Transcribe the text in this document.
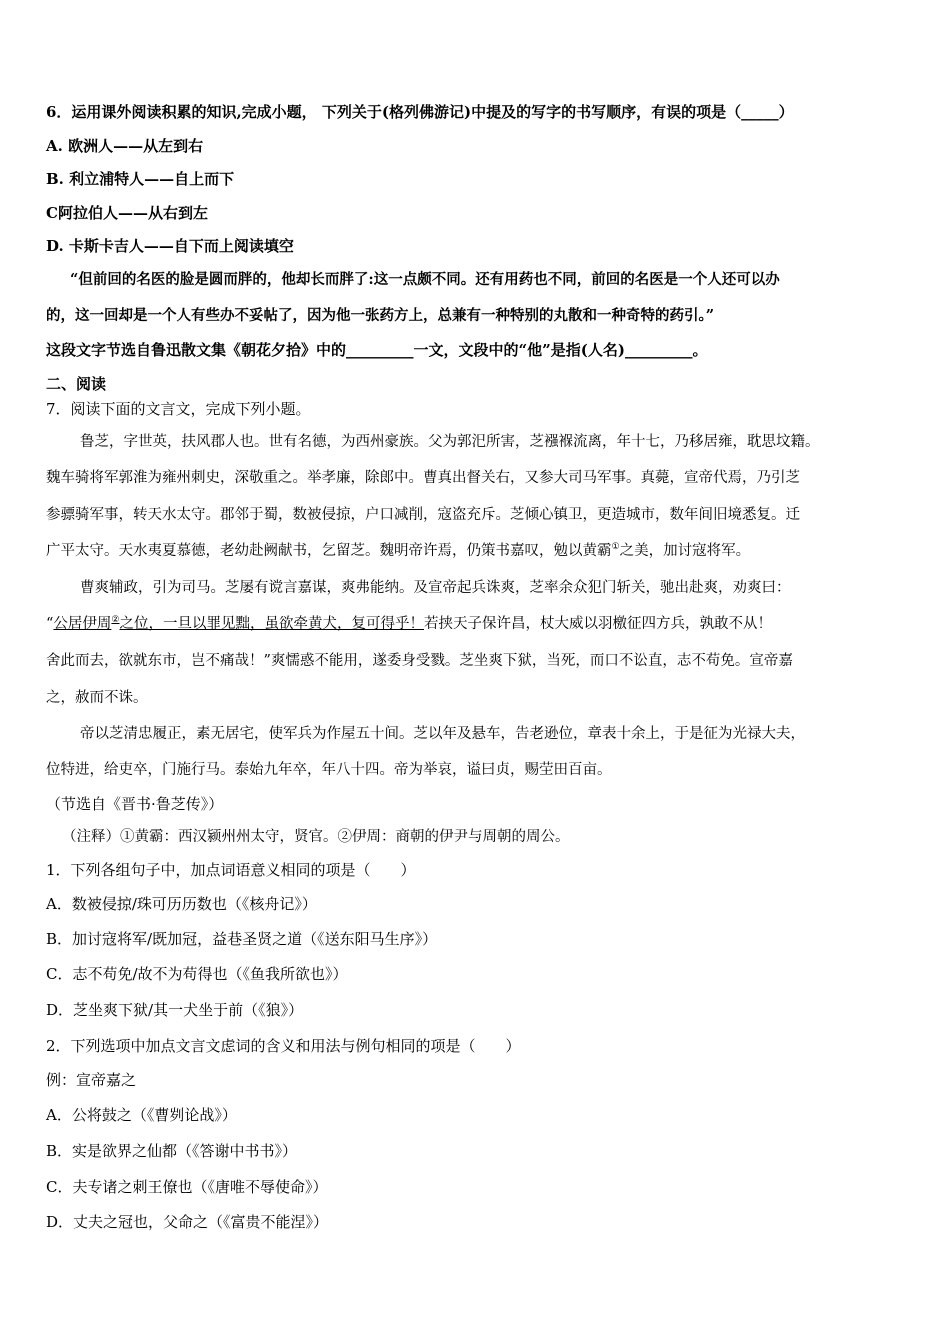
6．运用课外阅读积累的知识,完成小题， 下列关于(格列佛游记)中提及的写字的书写顺序，有误的项是（_____）
A. 欧洲人——从左到右
B. 利立浦特人——自上而下
C阿拉伯人——从右到左
D. 卡斯卡吉人——自下而上阅读填空
“但前回的名医的脸是圆而胖的，他却长而胖了:这一点颇不同。还有用药也不同，前回的名医是一个人还可以办
的，这一回却是一个人有些办不妥帖了，因为他一张药方上，总兼有一种特别的丸散和一种奇特的药引。”
这段文字节选自鲁迅散文集《朝花夕拾》中的_________一文，文段中的“他”是指(人名)_________。
二、阅读
7．阅读下面的文言文，完成下列小题。
鲁芝，字世英，扶风郡人也。世有名德，为西州豪族。父为郭汜所害，芝襁褓流离，年十七，乃移居雍，耽思坟籍。
魏车骑将军郭淮为雍州刺史，深敬重之。举孝廉，除郎中。曹真出督关右，又参大司马军事。真薨，宣帝代焉，乃引芝
参骠骑军事，转天水太守。郡邻于蜀，数被侵掠，户口减削，寇盗充斥。芝倾心镇卫，更造城市，数年间旧境悉复。迁
广平太守。天水夷夏慕德，老幼赴阙献书，乞留芝。魏明帝许焉，仍策书嘉叹，勉以黄霸①之美，加讨寇将军。
曹爽辅政，引为司马。芝屡有谠言嘉谋，爽弗能纳。及宣帝起兵诛爽，芝率余众犯门斩关，驰出赴爽，劝爽曰：
“公居伊周②之位，一旦以罪见黜，虽欲牵黄犬，复可得乎！若挟天子保许昌，杖大威以羽檄征四方兵，孰敢不从！
舍此而去，欲就东市，岂不痛哉！”爽懦惑不能用，遂委身受戮。芝坐爽下狱，当死，而口不讼直，志不苟免。宣帝嘉
之，赦而不诛。
帝以芝清忠履正，素无居宅，使军兵为作屋五十间。芝以年及悬车，告老逊位，章表十余上，于是征为光禄大夫，
位特进，给吏卒，门施行马。泰始九年卒，年八十四。帝为举哀，谥曰贞，赐茔田百亩。
（节选自《晋书·鲁芝传》）
（注释）①黄霸：西汉颍州州太守，贤官。②伊周：商朝的伊尹与周朝的周公。
1．下列各组句子中，加点词语意义相同的项是（　　）
A．数被侵掠/珠可历历数也（《核舟记》）
B．加讨寇将军/既加冠，益巷圣贤之道（《送东阳马生序》）
C．志不苟免/故不为苟得也（《鱼我所欲也》）
D．芝坐爽下狱/其一犬坐于前（《狼》）
2．下列选项中加点文言文虑词的含义和用法与例句相同的项是（　　）
例：宣帝嘉之
A．公将鼓之（《曹刿论战》）
B．实是欲界之仙都（《答谢中书书》）
C．夫专诸之刺王僚也（《唐唯不辱使命》）
D．丈夫之冠也，父命之（《富贵不能涅》）
